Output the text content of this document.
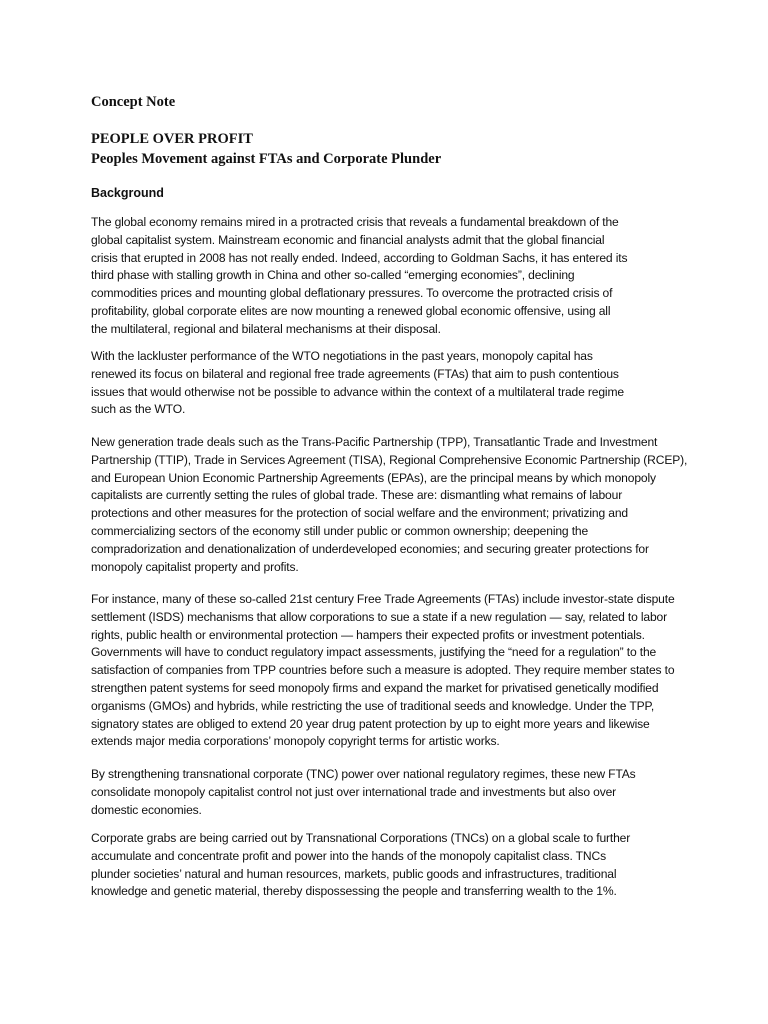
Concept Note

PEOPLE OVER PROFIT
Peoples Movement against FTAs and Corporate Plunder
Background

The global economy remains mired in a protracted crisis that reveals a fundamental breakdown of the
global capitalist system. Mainstream economic and financial analysts admit that the global financial
crisis that erupted in 2008 has not really ended. Indeed, according to Goldman Sachs, it has entered its
third phase with stalling growth in China and other so-called “emerging economies”, declining
commodities prices and mounting global deflationary pressures. To overcome the protracted crisis of
profitability, global corporate elites are now mounting a renewed global economic offensive, using all
the multilateral, regional and bilateral mechanisms at their disposal.

With the lackluster performance of the WTO negotiations in the past years, monopoly capital has
renewed its focus on bilateral and regional free trade agreements (FTAs) that aim to push contentious
issues that would otherwise not be possible to advance within the context of a multilateral trade regime
such as the WTO.

New generation trade deals such as the Trans-Pacific Partnership (TPP), Transatlantic Trade and Investment
Partnership (TTIP), Trade in Services Agreement (TISA), Regional Comprehensive Economic Partnership (RCEP),
and European Union Economic Partnership Agreements (EPAs), are the principal means by which monopoly
capitalists are currently setting the rules of global trade. These are: dismantling what remains of labour
protections and other measures for the protection of social welfare and the environment; privatizing and
commercializing sectors of the economy still under public or common ownership; deepening the
compradorization and denationalization of underdeveloped economies; and securing greater protections for
monopoly capitalist property and profits.

For instance, many of these so-called 21st century Free Trade Agreements (FTAs) include investor-state dispute
settlement (ISDS) mechanisms that allow corporations to sue a state if a new regulation — say, related to labor
rights, public health or environmental protection — hampers their expected profits or investment potentials.
Governments will have to conduct regulatory impact assessments, justifying the “need for a regulation” to the
satisfaction of companies from TPP countries before such a measure is adopted. They require member states to
strengthen patent systems for seed monopoly firms and expand the market for privatised genetically modified
organisms (GMOs) and hybrids, while restricting the use of traditional seeds and knowledge. Under the TPP,
signatory states are obliged to extend 20 year drug patent protection by up to eight more years and likewise
extends major media corporations’ monopoly copyright terms for artistic works.

By strengthening transnational corporate (TNC) power over national regulatory regimes, these new FTAs
consolidate monopoly capitalist control not just over international trade and investments but also over
domestic economies.

Corporate grabs are being carried out by Transnational Corporations (TNCs) on a global scale to further
accumulate and concentrate profit and power into the hands of the monopoly capitalist class. TNCs
plunder societies’ natural and human resources, markets, public goods and infrastructures, traditional
knowledge and genetic material, thereby dispossessing the people and transferring wealth to the 1%.
